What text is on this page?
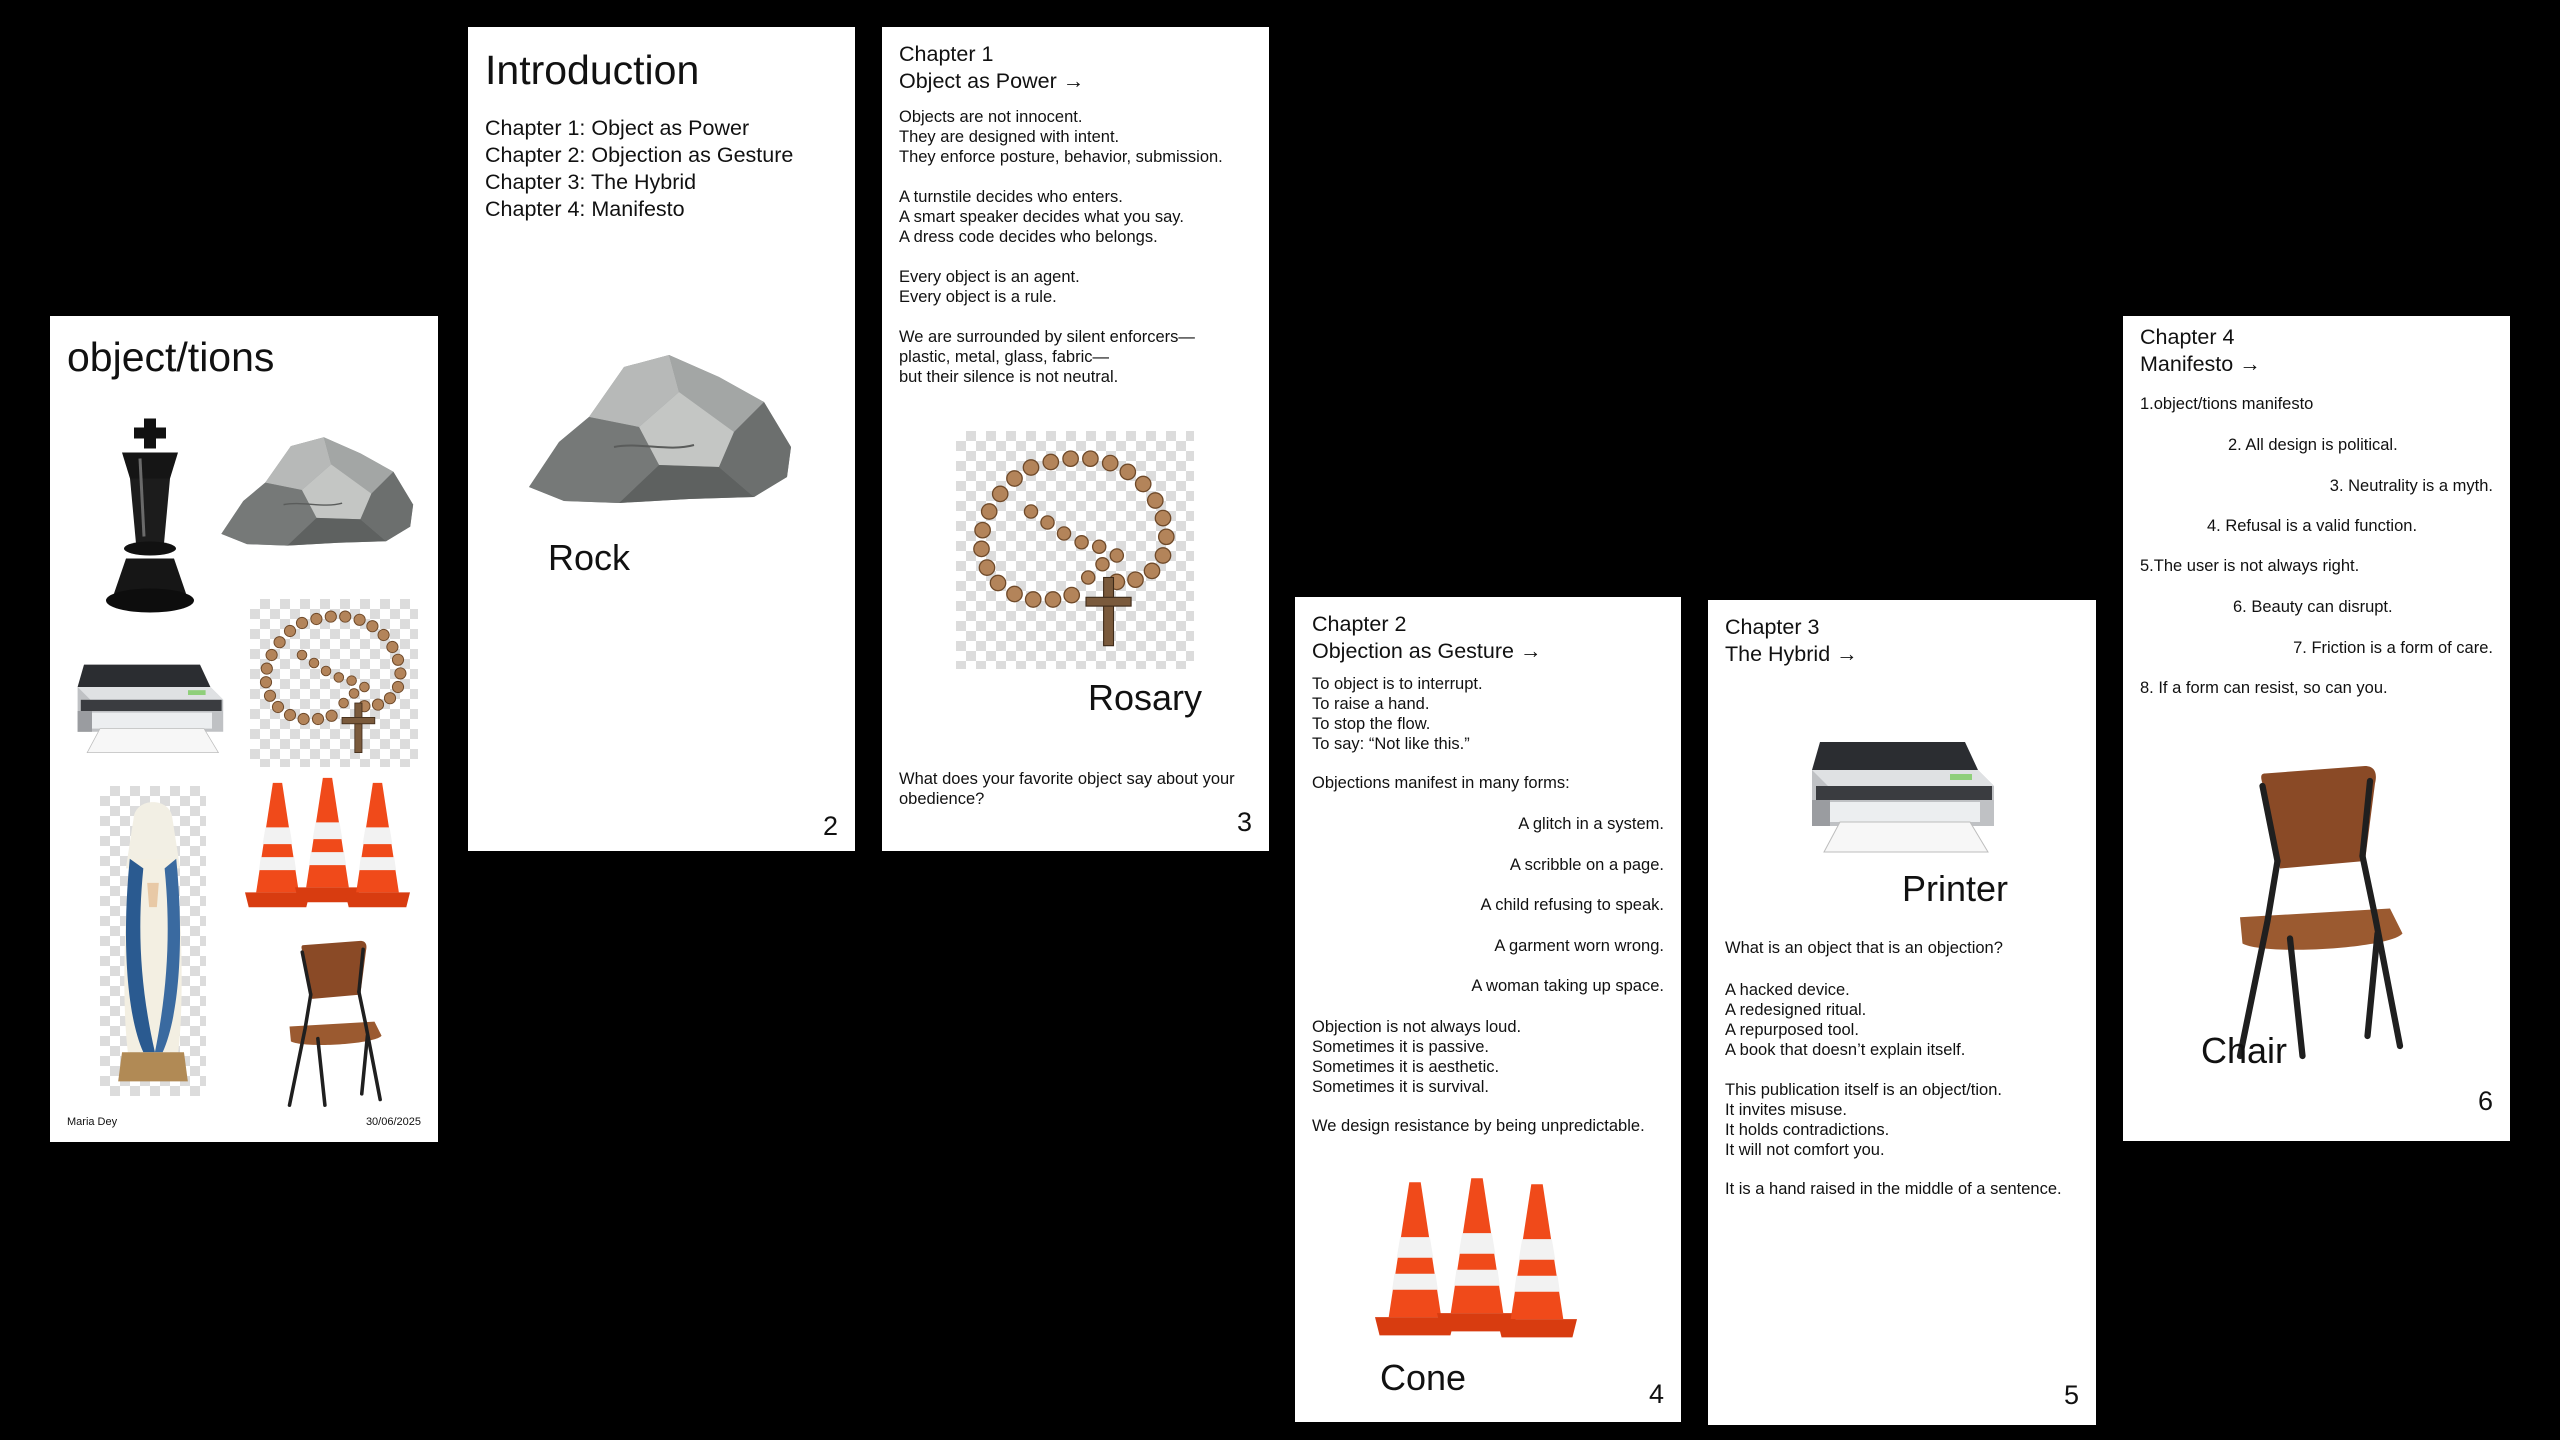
object/tions
Maria Dey	30/06/2025
Introduction
Chapter 1: Object as Power
Chapter 2: Objection as Gesture
Chapter 3: The Hybrid
Chapter 4: Manifesto
Rock
2
Chapter 1
Object as Power →
Objects are not innocent.
They are designed with intent.
They enforce posture, behavior, submission.
A turnstile decides who enters.
A smart speaker decides what you say.
A dress code decides who belongs.
Every object is an agent.
Every object is a rule.
We are surrounded by silent enforcers—
plastic, metal, glass, fabric—
but their silence is not neutral.
Rosary
What does your favorite object say about your
obedience?
3
Chapter 2
Objection as Gesture →
To object is to interrupt.
To raise a hand.
To stop the flow.
To say: “Not like this.”
Objections manifest in many forms:
A glitch in a system.
A scribble on a page.
A child refusing to speak.
A garment worn wrong.
A woman taking up space.
Objection is not always loud.
Sometimes it is passive.
Sometimes it is aesthetic.
Sometimes it is survival.
We design resistance by being unpredictable.
Cone	4
Chapter 3
The Hybrid →
Printer
What is an object that is an objection?
A hacked device.
A redesigned ritual.
A repurposed tool.
A book that doesn’t explain itself.
This publication itself is an object/tion.
It invites misuse.
It holds contradictions.
It will not comfort you.
It is a hand raised in the middle of a sentence.
5
Chapter 4
Manifesto →
1.object/tions manifesto
2. All design is political.
3. Neutrality is a myth.
4. Refusal is a valid function.
5.The user is not always right.
6. Beauty can disrupt.
7. Friction is a form of care.
8. If a form can resist, so can you.
Chair
6
